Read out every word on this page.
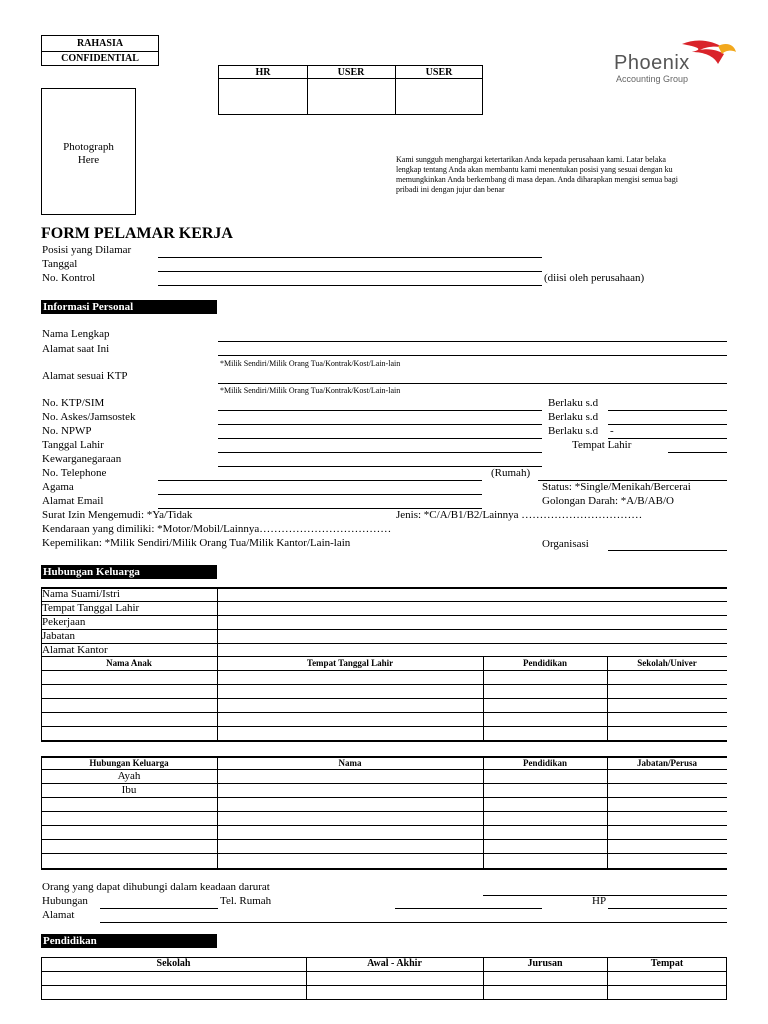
RAHASIA
CONFIDENTIAL
HR	USER	USER	Phoenix
Accounting Group
Photograph
Here	Kami sungguh menghargai ketertarikan Anda kepada perusahaan kami. Latar belaka
lengkap tentang Anda akan membantu kami menentukan posisi yang sesuai dengan ku
memungkinkan Anda berkembang di masa depan. Anda diharapkan mengisi semua bagi
pribadi ini dengan jujur dan benar
FORM PELAMAR KERJA
Posisi yang Dilamar
Tanggal
No. Kontrol	(diisi oleh perusahaan)
Informasi Personal
Nama Lengkap
Alamat saat Ini
*Milik Sendiri/Milik Orang Tua/Kontrak/Kost/Lain-lain
Alamat sesuai KTP
*Milik Sendiri/Milik Orang Tua/Kontrak/Kost/Lain-lain
No. KTP/SIM	Berlaku s.d
No. Askes/Jamsostek	Berlaku s.d
No. NPWP	Berlaku s.d -
Tanggal Lahir	Tempat Lahir
Kewarganegaraan
No. Telephone	(Rumah)
Agama	Status: *Single/Menikah/Bercerai
Alamat Email	Golongan Darah: *A/B/AB/O
Surat Izin Mengemudi: *Ya/Tidak	Jenis: *C/A/B1/B2/Lainnya ……………………………
Kendaraan yang dimiliki: *Motor/Mobil/Lainnya………………………………
Kepemilikan: *Milik Sendiri/Milik Orang Tua/Milik Kantor/Lain-lain	Organisasi
Hubungan Keluarga
Nama Suami/Istri
Tempat Tanggal Lahir
Pekerjaan
Jabatan
Alamat Kantor
Nama Anak	Tempat Tanggal Lahir	Pendidikan	Sekolah/Univer
Hubungan Keluarga	Nama	Pendidikan	Jabatan/Perusa
Ayah
Ibu
Orang yang dapat dihubungi dalam keadaan darurat
Hubungan	Tel. Rumah	HP
Alamat
Pendidikan
Sekolah	Awal - Akhir	Jurusan	Tempat
